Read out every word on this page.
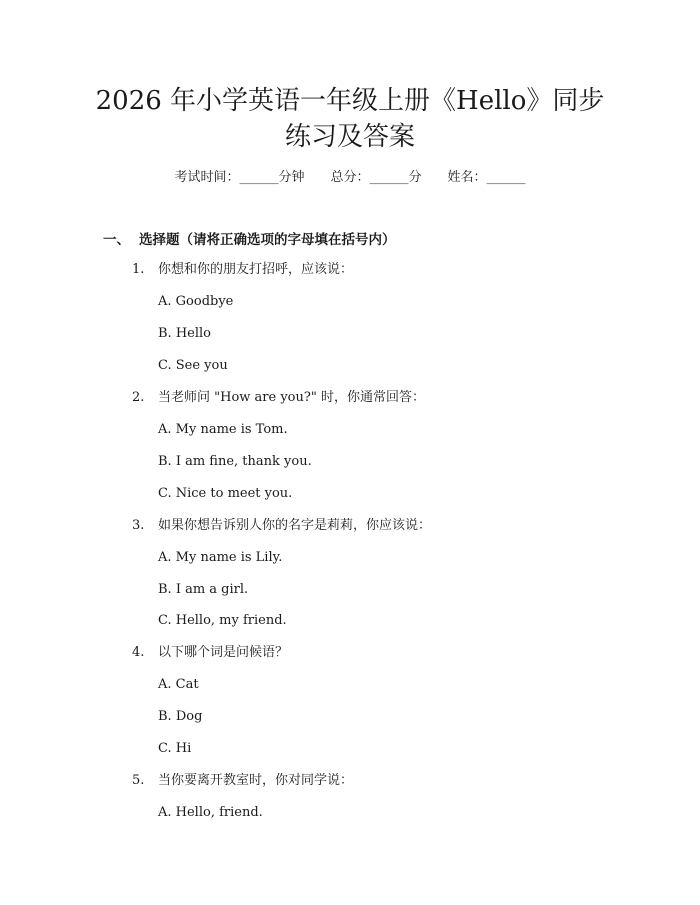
2026 年小学英语一年级上册《Hello》同步
练习及答案
考试时间：______分钟 总分：______分 姓名：______
一、 选择题（请将正确选项的字母填在括号内）
1. 你想和你的朋友打招呼，应该说：
A. Goodbye
B. Hello
C. See you
2. 当老师问 "How are you?" 时，你通常回答：
A. My name is Tom.
B. I am fine, thank you.
C. Nice to meet you.
3. 如果你想告诉别人你的名字是莉莉，你应该说：
A. My name is Lily.
B. I am a girl.
C. Hello, my friend.
4. 以下哪个词是问候语？
A. Cat
B. Dog
C. Hi
5. 当你要离开教室时，你对同学说：
A. Hello, friend.
